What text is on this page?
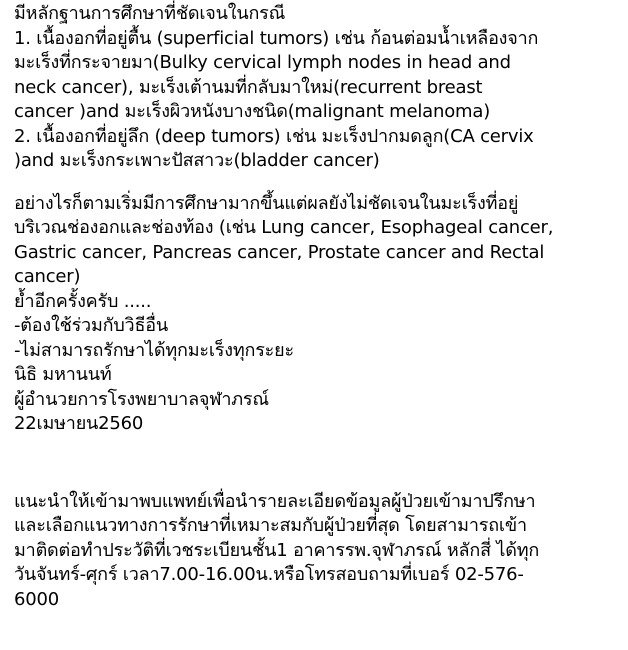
มีหลักฐานการศึกษาที่ชัดเจนในกรณี
1. เนื้องอกที่อยู่ตื้น (superficial tumors) เช่น ก้อนต่อมน้ำเหลืองจาก
มะเร็งที่กระจายมา(Bulky cervical lymph nodes in head and
neck cancer), มะเร็งเต้านมที่กลับมาใหม่(recurrent breast
cancer )and มะเร็งผิวหนังบางชนิด(malignant melanoma)
2. เนื้องอกที่อยู่ลึก (deep tumors) เช่น มะเร็งปากมดลูก(CA cervix
)and มะเร็งกระเพาะปัสสาวะ(bladder cancer)
อย่างไรก็ตามเริ่มมีการศึกษามากขึ้นแต่ผลยังไม่ชัดเจนในมะเร็งที่อยู่
บริเวณช่องอกและช่องท้อง (เช่น Lung cancer, Esophageal cancer,
Gastric cancer, Pancreas cancer, Prostate cancer and Rectal
cancer)
ย้ำอีกครั้งครับ .....
-ต้องใช้ร่วมกับวิธีอื่น
-ไม่สามารถรักษาได้ทุกมะเร็งทุกระยะ
นิธิ มหานนท์
ผู้อำนวยการโรงพยาบาลจุฬาภรณ์
22เมษายน2560
แนะนำให้เข้ามาพบแพทย์เพื่อนำรายละเอียดข้อมูลผู้ป่วยเข้ามาปรึกษา
และเลือกแนวทางการรักษาที่เหมาะสมกับผู้ป่วยที่สุด โดยสามารถเข้า
มาติดต่อทำประวัติที่เวชระเบียนชั้น1 อาคารรพ.จุฬาภรณ์ หลักสี่ ได้ทุก
วันจันทร์-ศุกร์ เวลา7.00-16.00น.หรือโทรสอบถามที่เบอร์ 02-576-
6000
